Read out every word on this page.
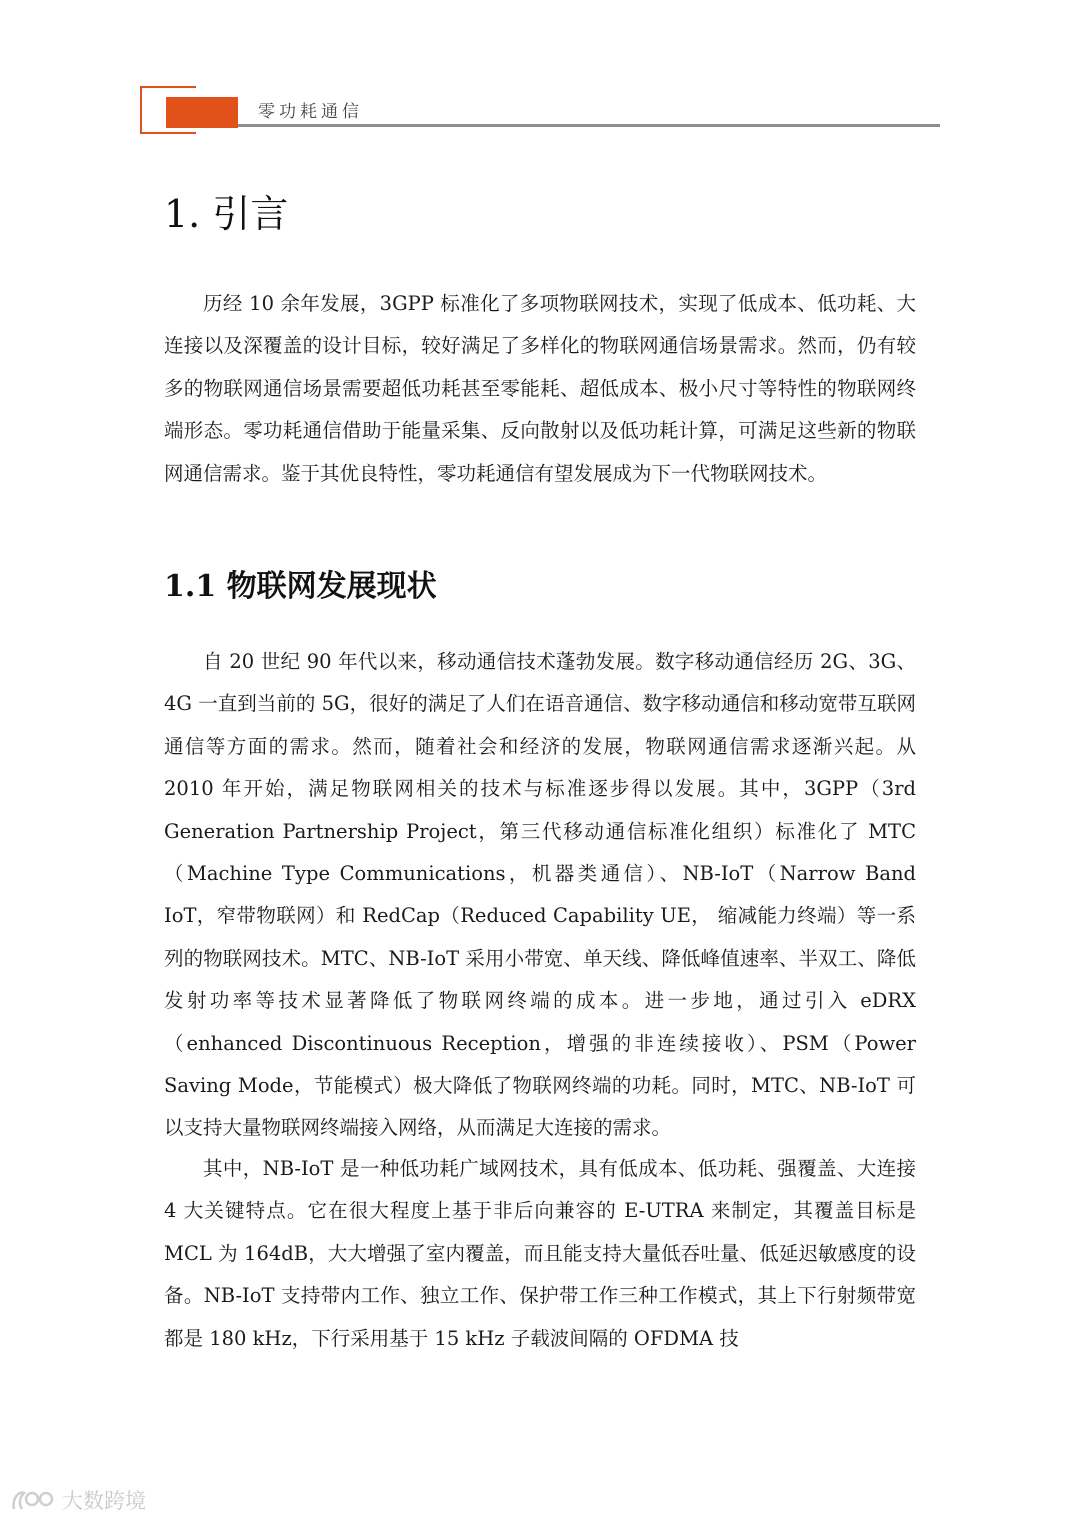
零功耗通信
1. 引言

历经 10 余年发展，3GPP 标准化了多项物联网技术，实现了低成本、低功耗、大连接以及深覆盖的设计目标，较好满足了多样化的物联网通信场景需求。然而，仍有较多的物联网通信场景需要超低功耗甚至零能耗、超低成本、极小尺寸等特性的物联网终端形态。零功耗通信借助于能量采集、反向散射以及低功耗计算，可满足这些新的物联网通信需求。鉴于其优良特性，零功耗通信有望发展成为下一代物联网技术。

1.1 物联网发展现状

自 20 世纪 90 年代以来，移动通信技术蓬勃发展。数字移动通信经历 2G、3G、4G 一直到当前的 5G，很好的满足了人们在语音通信、数字移动通信和移动宽带互联网通信等方面的需求。然而，随着社会和经济的发展，物联网通信需求逐渐兴起。从 2010 年开始，满足物联网相关的技术与标准逐步得以发展。其中，3GPP（3rd Generation Partnership Project，第三代移动通信标准化组织）标准化了 MTC（Machine Type Communications，机器类通信）、NB-IoT（Narrow Band IoT，窄带物联网）和 RedCap（Reduced Capability UE， 缩减能力终端）等一系列的物联网技术。MTC、NB-IoT 采用小带宽、单天线、降低峰值速率、半双工、降低发射功率等技术显著降低了物联网终端的成本。进一步地，通过引入 eDRX（enhanced Discontinuous Reception，增强的非连续接收）、PSM（Power Saving Mode，节能模式）极大降低了物联网终端的功耗。同时，MTC、NB-IoT 可以支持大量物联网终端接入网络，从而满足大连接的需求。

其中，NB-IoT 是一种低功耗广域网技术，具有低成本、低功耗、强覆盖、大连接 4 大关键特点。它在很大程度上基于非后向兼容的 E-UTRA 来制定，其覆盖目标是 MCL 为 164dB，大大增强了室内覆盖，而且能支持大量低吞吐量、低延迟敏感度的设备。NB-IoT 支持带内工作、独立工作、保护带工作三种工作模式，其上下行射频带宽都是 180 kHz，下行采用基于 15 kHz 子载波间隔的 OFDMA 技

大数跨境
